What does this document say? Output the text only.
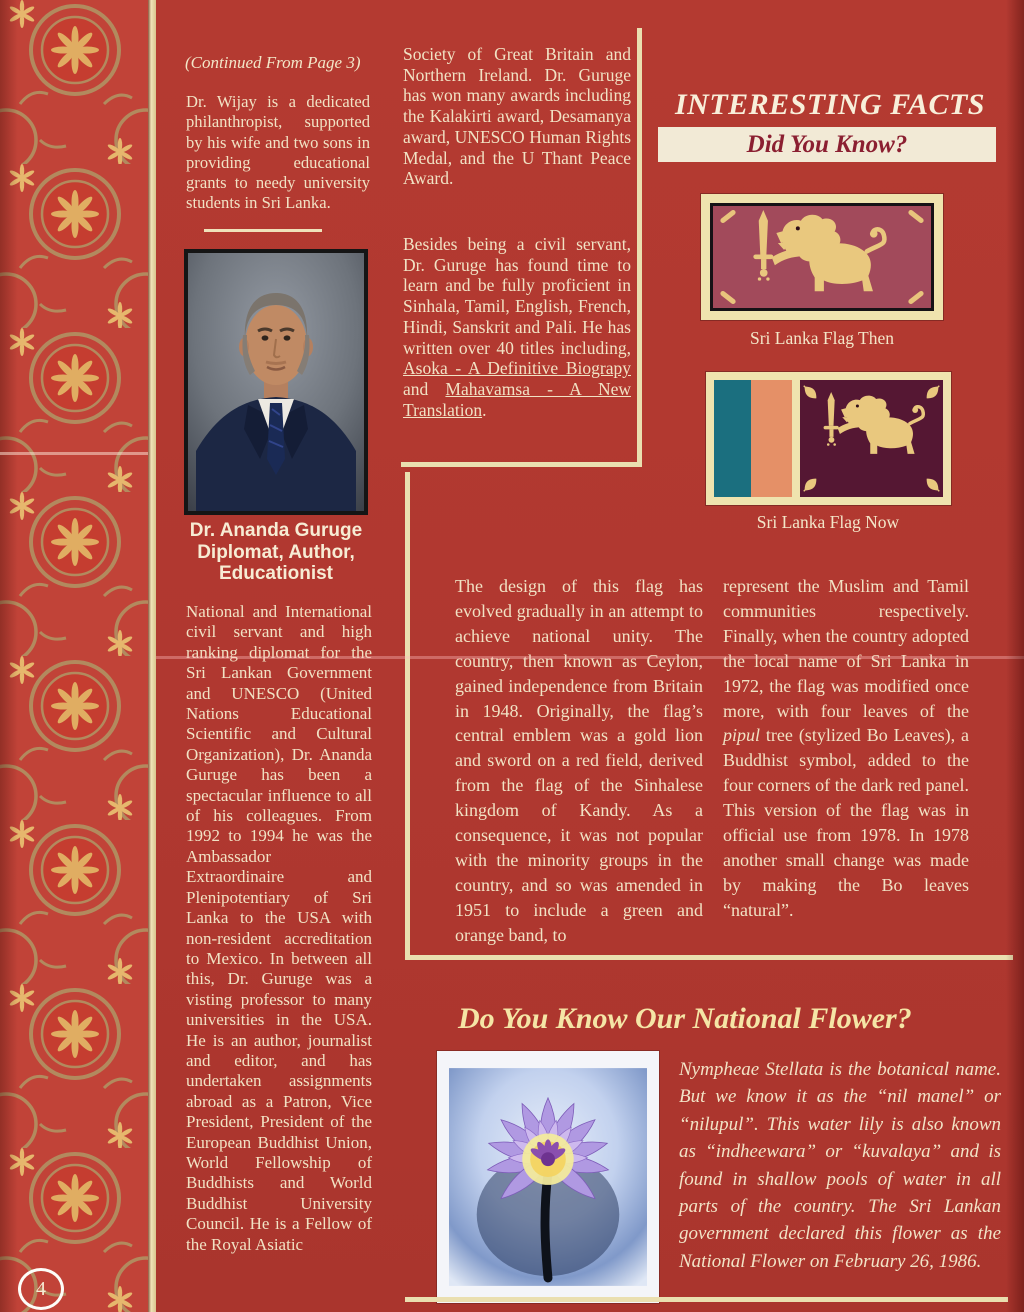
(Continued From Page 3)
Dr. Wijay is a dedicated philanthropist, supported by his wife and two sons in providing educational grants to needy university students in Sri Lanka.
Dr. Ananda Guruge
Diplomat, Author,
Educationist
National and International civil servant and high ranking diplomat for the Sri Lankan Government and UNESCO (United Nations Educational Scientific and Cultural Organization), Dr. Ananda Guruge has been a spectacular influence to all of his colleagues. From 1992 to 1994 he was the Ambassador Extraordinaire and Plenipotentiary of Sri Lanka to the USA with non-resident accreditation to Mexico. In between all this, Dr. Guruge was a visting professor to many universities in the USA. He is an author, journalist and editor, and has undertaken assignments abroad as a Patron, Vice President, President of the European Buddhist Union, World Fellowship of Buddhists and World Buddhist University Council. He is a Fellow of the Royal Asiatic
Society of Great Britain and Northern Ireland. Dr. Guruge has won many awards including the Kalakirti award, Desamanya award, UNESCO Human Rights Medal, and the U Thant Peace Award.
Besides being a civil servant, Dr. Guruge has found time to learn and be fully proficient in Sinhala, Tamil, English, French, Hindi, Sanskrit and Pali. He has written over 40 titles including, Asoka - A Definitive Biograpy and Mahavamsa - A New Translation.
INTERESTING FACTS
Did You Know?
Sri Lanka Flag Then
Sri Lanka Flag Now
The design of this flag has evolved gradually in an attempt to achieve national unity. The country, then known as Ceylon, gained independence from Britain in 1948. Originally, the flag’s central emblem was a gold lion and sword on a red field, derived from the flag of the Sinhalese kingdom of Kandy. As a consequence, it was not popular with the minority groups in the country, and so was amended in 1951 to include a green and orange band, to
represent the Muslim and Tamil communities respectively. Finally, when the country adopted the local name of Sri Lanka in 1972, the flag was modified once more, with four leaves of the pipul tree (stylized Bo Leaves), a Buddhist symbol, added to the four corners of the dark red panel. This version of the flag was in official use from 1978. In 1978 another small change was made by making the Bo leaves “natural”.
Do You Know Our National Flower?
Nympheae Stellata is the botanical name. But we know it as the “nil manel” or “nilupul”. This water lily is also known as “indheewara” or “kuvalaya” and is found in shallow pools of water in all parts of the country. The Sri Lankan government declared this flower as the National Flower on February 26, 1986.
4
